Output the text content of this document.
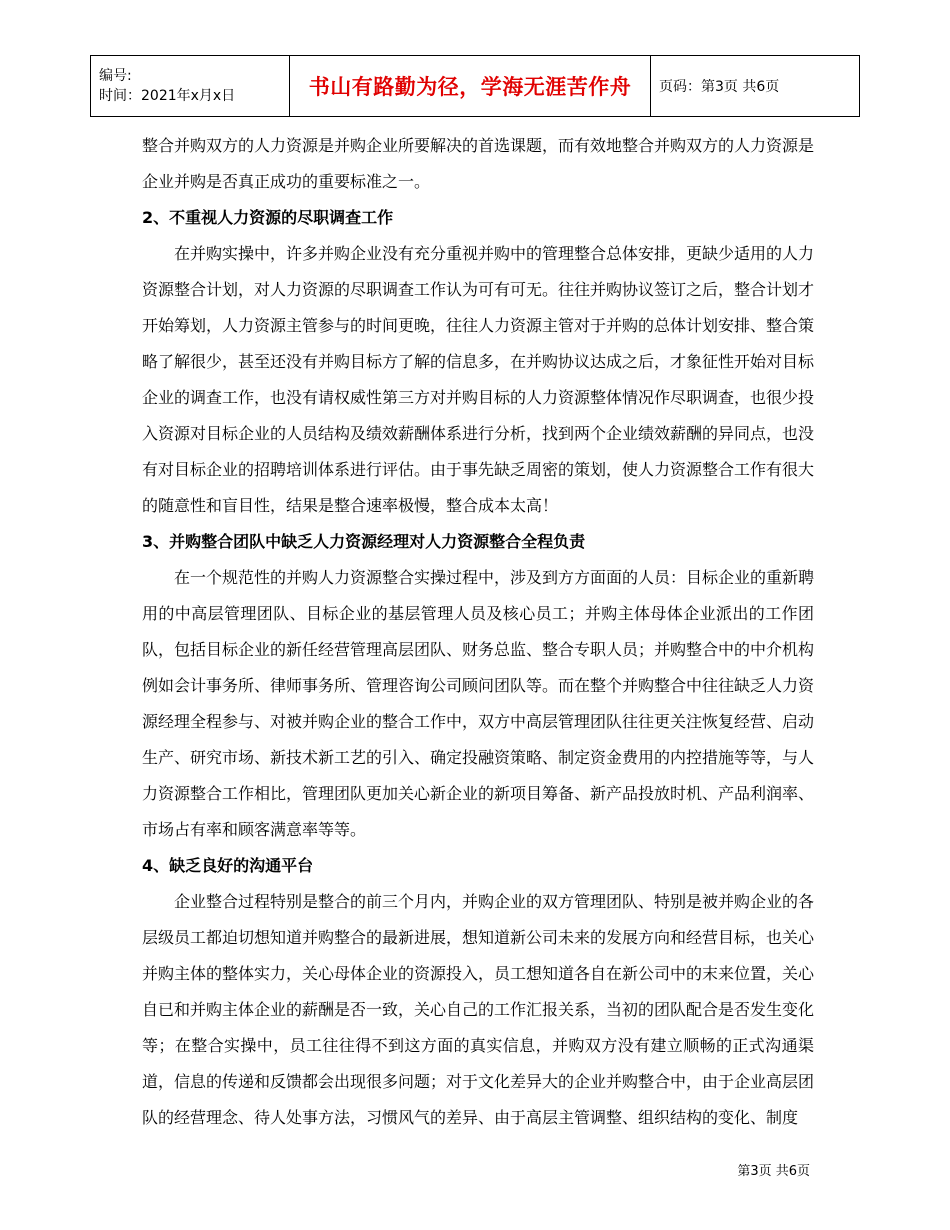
编号:
时间：2021年x月x日	书山有路勤为径，学海无涯苦作舟	页码：第3页 共6页

整合并购双方的人力资源是并购企业所要解决的首选课题，而有效地整合并购双方的人力资源是企业并购是否真正成功的重要标准之一。

2、不重视人力资源的尽职调查工作

在并购实操中，许多并购企业没有充分重视并购中的管理整合总体安排，更缺少适用的人力资源整合计划，对人力资源的尽职调查工作认为可有可无。往往并购协议签订之后，整合计划才开始筹划，人力资源主管参与的时间更晚，往往人力资源主管对于并购的总体计划安排、整合策略了解很少，甚至还没有并购目标方了解的信息多，在并购协议达成之后，才象征性开始对目标企业的调查工作，也没有请权威性第三方对并购目标的人力资源整体情况作尽职调查，也很少投入资源对目标企业的人员结构及绩效薪酬体系进行分析，找到两个企业绩效薪酬的异同点，也没有对目标企业的招聘培训体系进行评估。由于事先缺乏周密的策划，使人力资源整合工作有很大的随意性和盲目性，结果是整合速率极慢，整合成本太高！

3、并购整合团队中缺乏人力资源经理对人力资源整合全程负责

在一个规范性的并购人力资源整合实操过程中，涉及到方方面面的人员：目标企业的重新聘用的中高层管理团队、目标企业的基层管理人员及核心员工；并购主体母体企业派出的工作团队，包括目标企业的新任经营管理高层团队、财务总监、整合专职人员；并购整合中的中介机构例如会计事务所、律师事务所、管理咨询公司顾问团队等。而在整个并购整合中往往缺乏人力资源经理全程参与、对被并购企业的整合工作中，双方中高层管理团队往往更关注恢复经营、启动生产、研究市场、新技术新工艺的引入、确定投融资策略、制定资金费用的内控措施等等，与人力资源整合工作相比，管理团队更加关心新企业的新项目筹备、新产品投放时机、产品利润率、市场占有率和顾客满意率等等。

4、缺乏良好的沟通平台

企业整合过程特别是整合的前三个月内，并购企业的双方管理团队、特别是被并购企业的各层级员工都迫切想知道并购整合的最新进展，想知道新公司未来的发展方向和经营目标，也关心并购主体的整体实力，关心母体企业的资源投入，员工想知道各自在新公司中的末来位置，关心自已和并购主体企业的薪酬是否一致，关心自己的工作汇报关系，当初的团队配合是否发生变化等；在整合实操中，员工往往得不到这方面的真实信息，并购双方没有建立顺畅的正式沟通渠道，信息的传递和反馈都会出现很多问题；对于文化差异大的企业并购整合中，由于企业高层团队的经营理念、待人处事方法，习惯风气的差异、由于高层主管调整、组织结构的变化、制度

第3页 共6页
